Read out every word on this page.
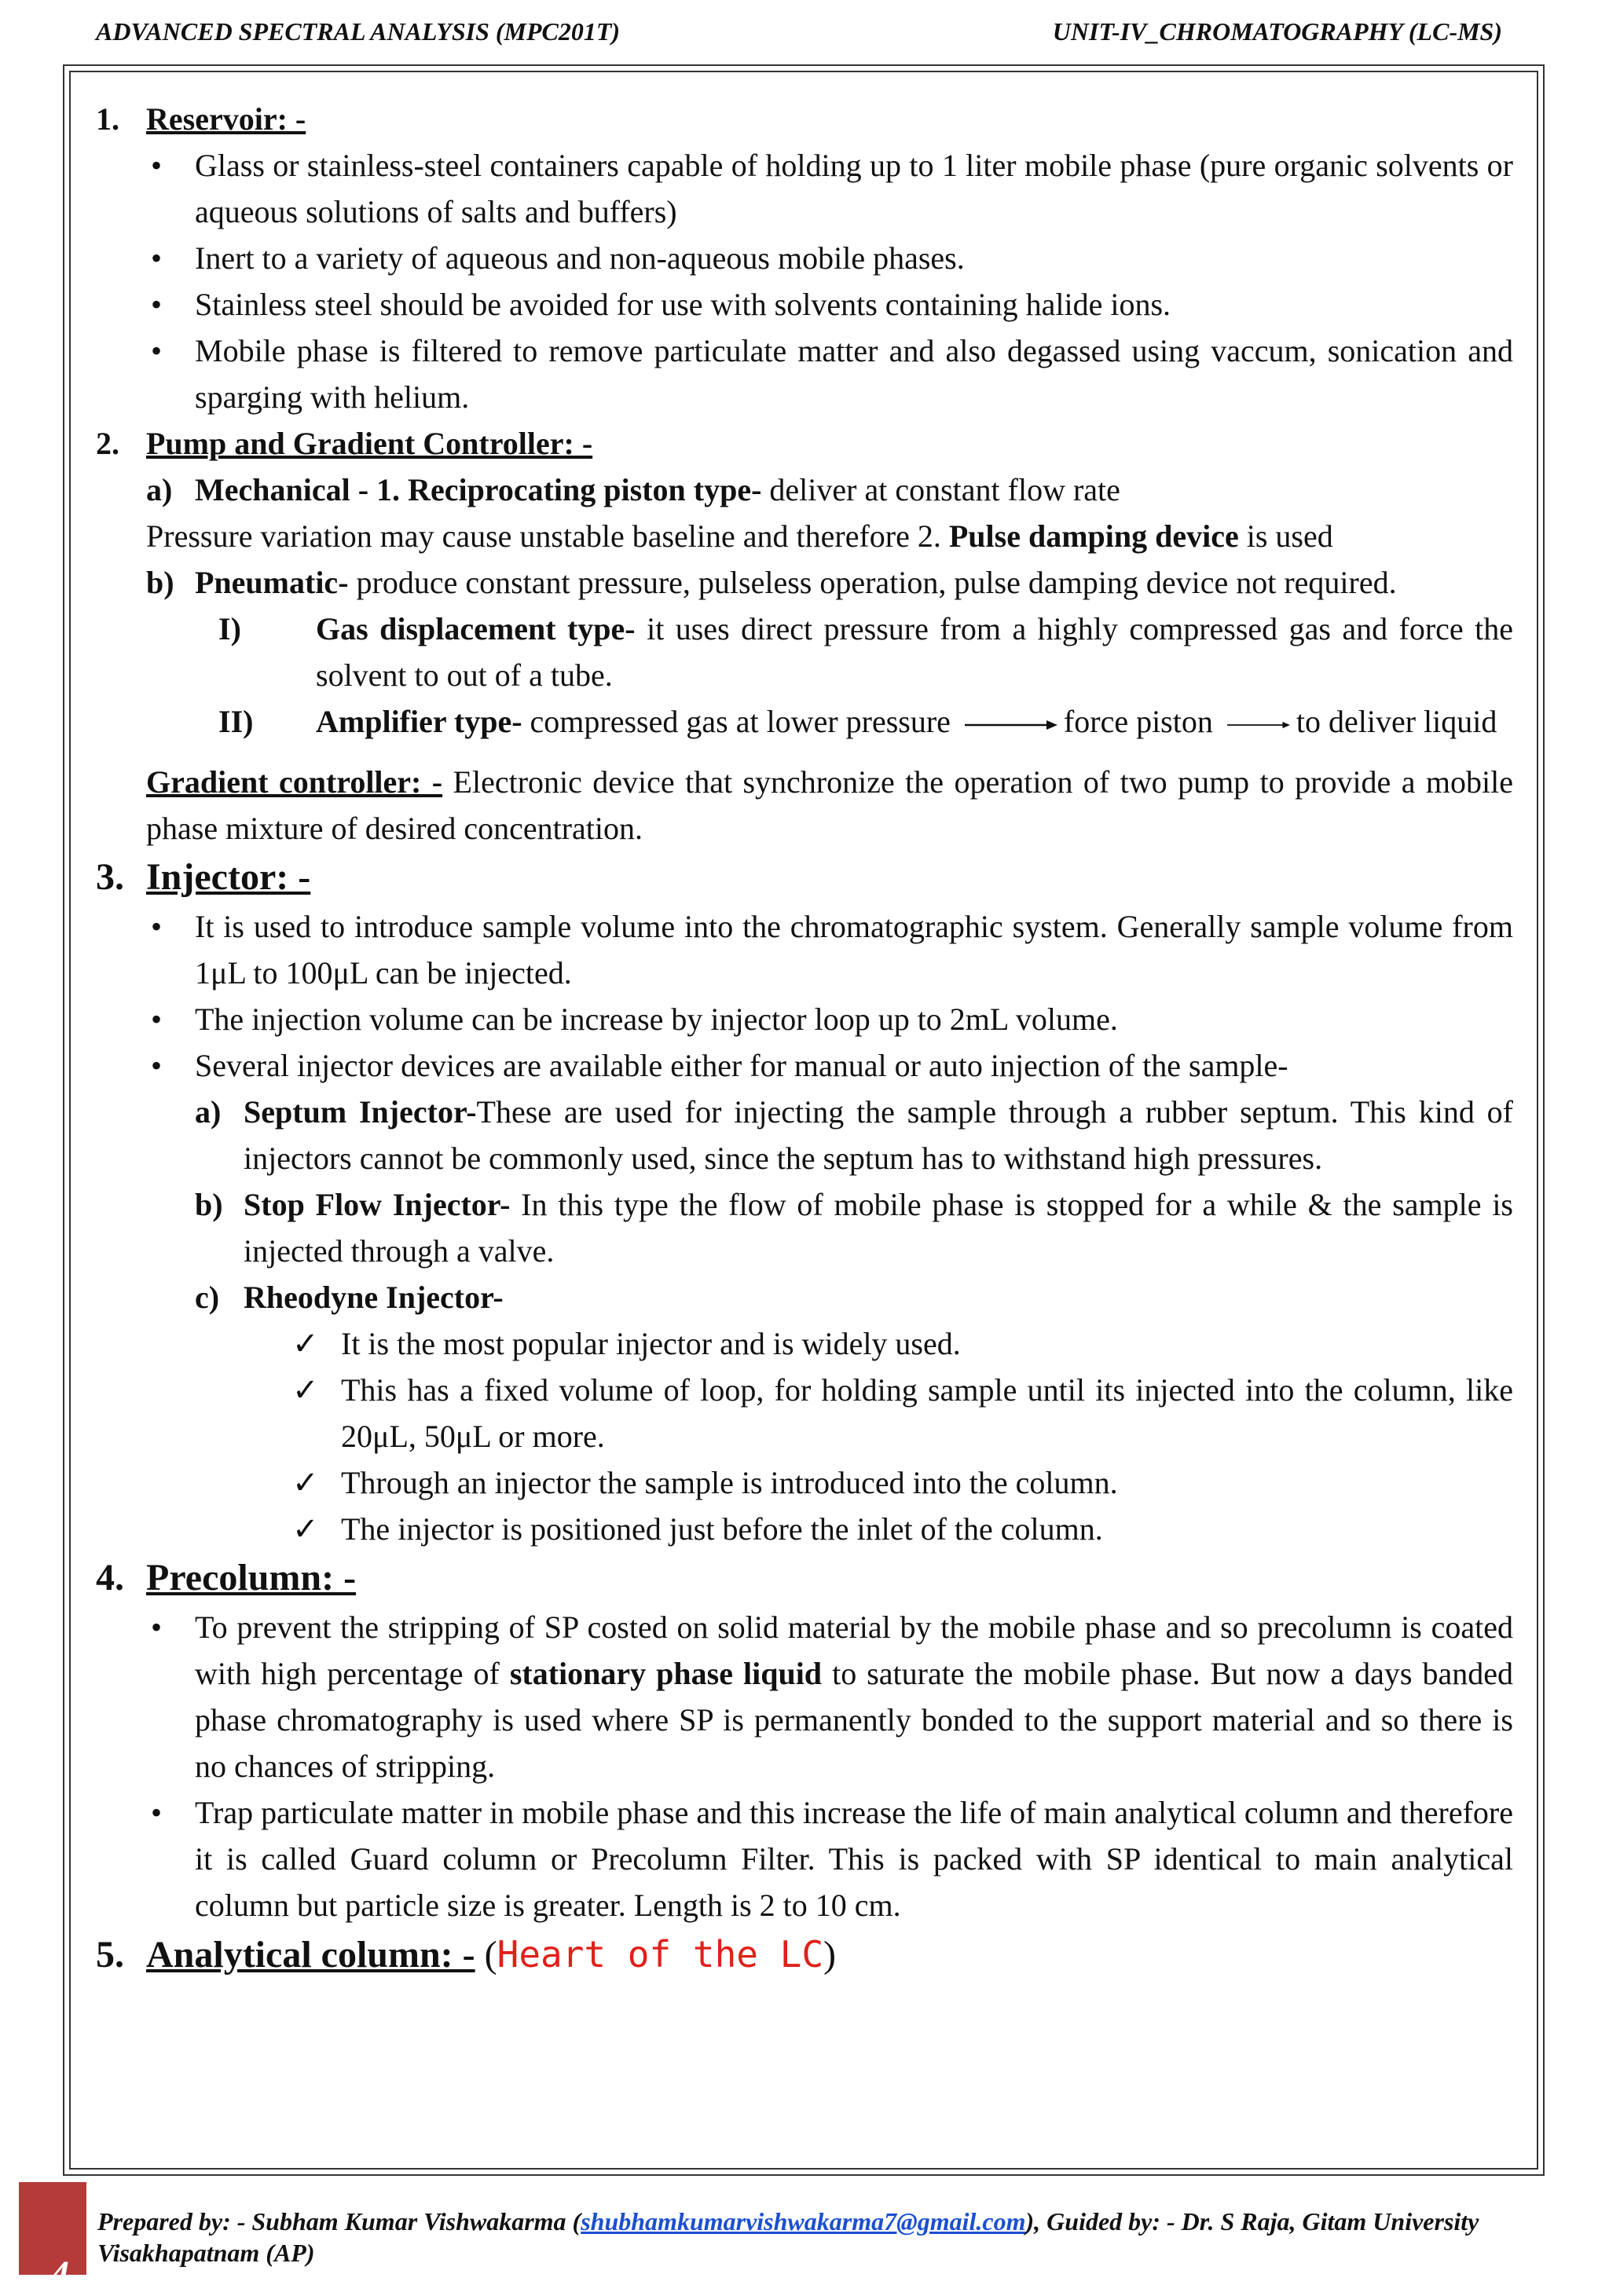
ADVANCED SPECTRAL ANALYSIS (MPC201T)	UNIT-IV_CHROMATOGRAPHY (LC-MS)
1. Reservoir: -
•	Glass or stainless-steel containers capable of holding up to 1 liter mobile phase (pure organic solvents or aqueous solutions of salts and buffers)
•	Inert to a variety of aqueous and non-aqueous mobile phases.
•	Stainless steel should be avoided for use with solvents containing halide ions.
•	Mobile phase is filtered to remove particulate matter and also degassed using vaccum, sonication and sparging with helium.
2. Pump and Gradient Controller: -
a) Mechanical - 1. Reciprocating piston type- deliver at constant flow rate
Pressure variation may cause unstable baseline and therefore 2. Pulse damping device is used
b) Pneumatic- produce constant pressure, pulseless operation, pulse damping device not required.
I)	Gas displacement type- it uses direct pressure from a highly compressed gas and force the solvent to out of a tube.
II)	Amplifier type- compressed gas at lower pressure	force piston	to deliver liquid
Gradient controller: - Electronic device that synchronize the operation of two pump to provide a mobile phase mixture of desired concentration.
3. Injector: -
•	It is used to introduce sample volume into the chromatographic system. Generally sample volume from 1μL to 100μL can be injected.
•	The injection volume can be increase by injector loop up to 2mL volume.
•	Several injector devices are available either for manual or auto injection of the sample-
a) Septum Injector-These are used for injecting the sample through a rubber septum. This kind of injectors cannot be commonly used, since the septum has to withstand high pressures.
b) Stop Flow Injector- In this type the flow of mobile phase is stopped for a while & the sample is injected through a valve.
c) Rheodyne Injector-
✓ It is the most popular injector and is widely used.
✓ This has a fixed volume of loop, for holding sample until its injected into the column, like 20μL, 50μL or more.
✓ Through an injector the sample is introduced into the column.
✓ The injector is positioned just before the inlet of the column.
4. Precolumn: -
•	To prevent the stripping of SP costed on solid material by the mobile phase and so precolumn is coated with high percentage of stationary phase liquid to saturate the mobile phase. But now a days banded phase chromatography is used where SP is permanently bonded to the support material and so there is no chances of stripping.
•	Trap particulate matter in mobile phase and this increase the life of main analytical column and therefore it is called Guard column or Precolumn Filter. This is packed with SP identical to main analytical column but particle size is greater. Length is 2 to 10 cm.
5. Analytical column: - ( Heart of the LC )
4
Prepared by: - Subham Kumar Vishwakarma (shubhamkumarvishwakarma7@gmail.com), Guided by: - Dr. S Raja, Gitam University Visakhapatnam (AP)
